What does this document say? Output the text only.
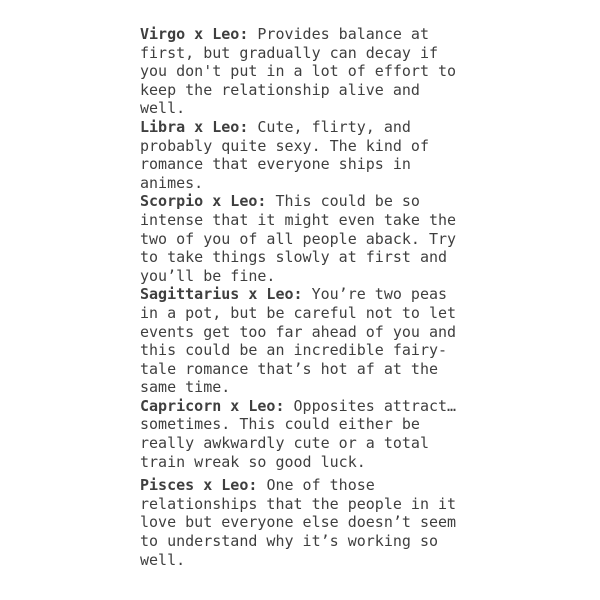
Virgo x Leo: Provides balance at first, but gradually can decay if you don't put in a lot of effort to keep the relationship alive and well.

Libra x Leo: Cute, flirty, and probably quite sexy. The kind of romance that everyone ships in animes.

Scorpio x Leo: This could be so intense that it might even take the two of you of all people aback. Try to take things slowly at first and you’ll be fine.

Sagittarius x Leo: You’re two peas in a pot, but be careful not to let events get too far ahead of you and this could be an incredible fairy-tale romance that’s hot af at the same time.

Capricorn x Leo: Opposites attract… sometimes. This could either be really awkwardly cute or a total train wreak so good luck.

Pisces x Leo: One of those relationships that the people in it love but everyone else doesn’t seem to understand why it’s working so well.
